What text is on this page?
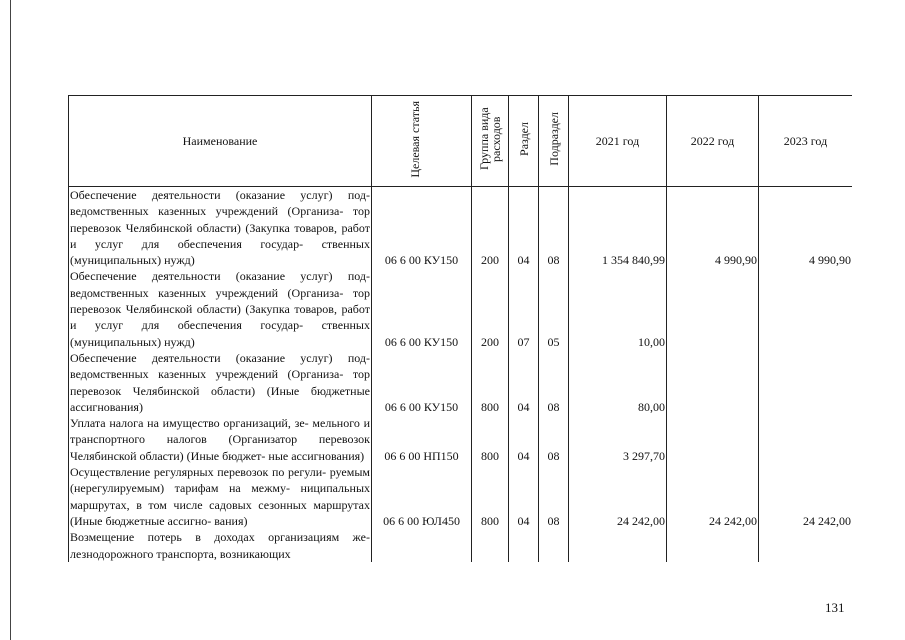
Наименование	Целевая статья	Группа вида расходов	Раздел	Подраздел	2021 год	2022 год	2023 год
Обеспечение деятельности (оказание услуг) под- ведомственных казенных учреждений (Организа- тор перевозок Челябинской области) (Закупка товаров, работ и услуг для обеспечения государ- ственных (муниципальных) нужд)	06 6 00 КУ150	200	04	08	1 354 840,99	4 990,90	4 990,90
Обеспечение деятельности (оказание услуг) под- ведомственных казенных учреждений (Организа- тор перевозок Челябинской области) (Закупка товаров, работ и услуг для обеспечения государ- ственных (муниципальных) нужд)	06 6 00 КУ150	200	07	05	10,00		
Обеспечение деятельности (оказание услуг) под- ведомственных казенных учреждений (Организа- тор перевозок Челябинской области) (Иные бюджетные ассигнования)	06 6 00 КУ150	800	04	08	80,00		
Уплата налога на имущество организаций, зе- мельного и транспортного налогов (Организатор перевозок Челябинской области) (Иные бюджет- ные ассигнования)	06 6 00 НП150	800	04	08	3 297,70		
Осуществление регулярных перевозок по регули- руемым (нерегулируемым) тарифам на межму- ниципальных маршрутах, в том числе садовых сезонных маршрутах (Иные бюджетные ассигно- вания)	06 6 00 ЮЛ450	800	04	08	24 242,00	24 242,00	24 242,00
Возмещение потерь в доходах организациям же- лезнодорожного транспорта, возникающих							
131
